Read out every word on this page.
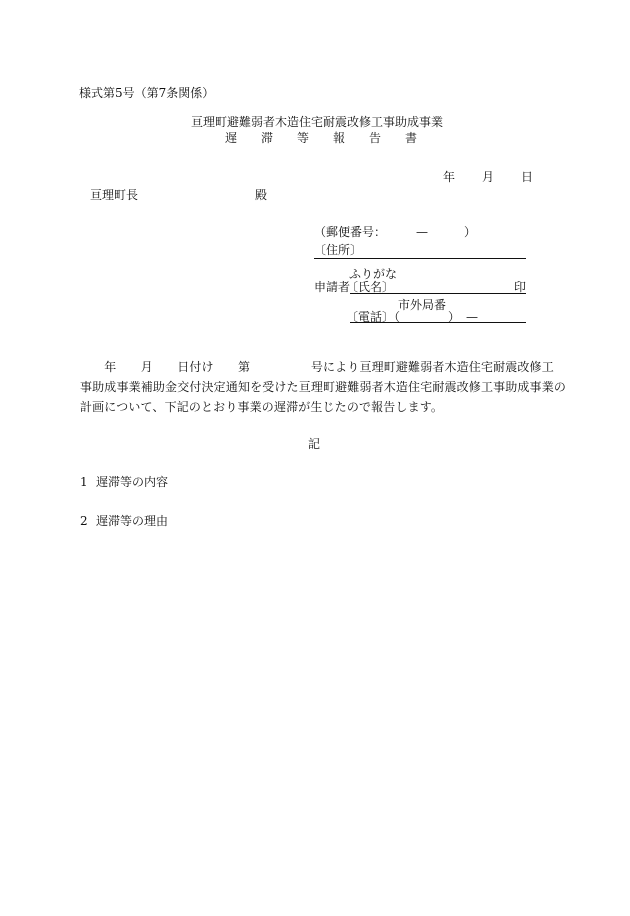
様式第5号（第7条関係）
亘理町避難弱者木造住宅耐震改修工事助成事業
遅　　滞　　等　　報　　告　　書
年　　月　　日
亘理町長	殿
（郵便番号：　　　—　　　）
〔住所〕
ふりがな
申請者
〔氏名〕	印
市外局番
〔電話〕（　　　　）　—
　　年　　月　　日付け　　第　　　　　号により亘理町避難弱者木造住宅耐震改修工
事助成事業補助金交付決定通知を受けた亘理町避難弱者木造住宅耐震改修工事助成事業の
計画について、下記のとおり事業の遅滞が生じたので報告します。
記
1 遅滞等の内容
2 遅滞等の理由
